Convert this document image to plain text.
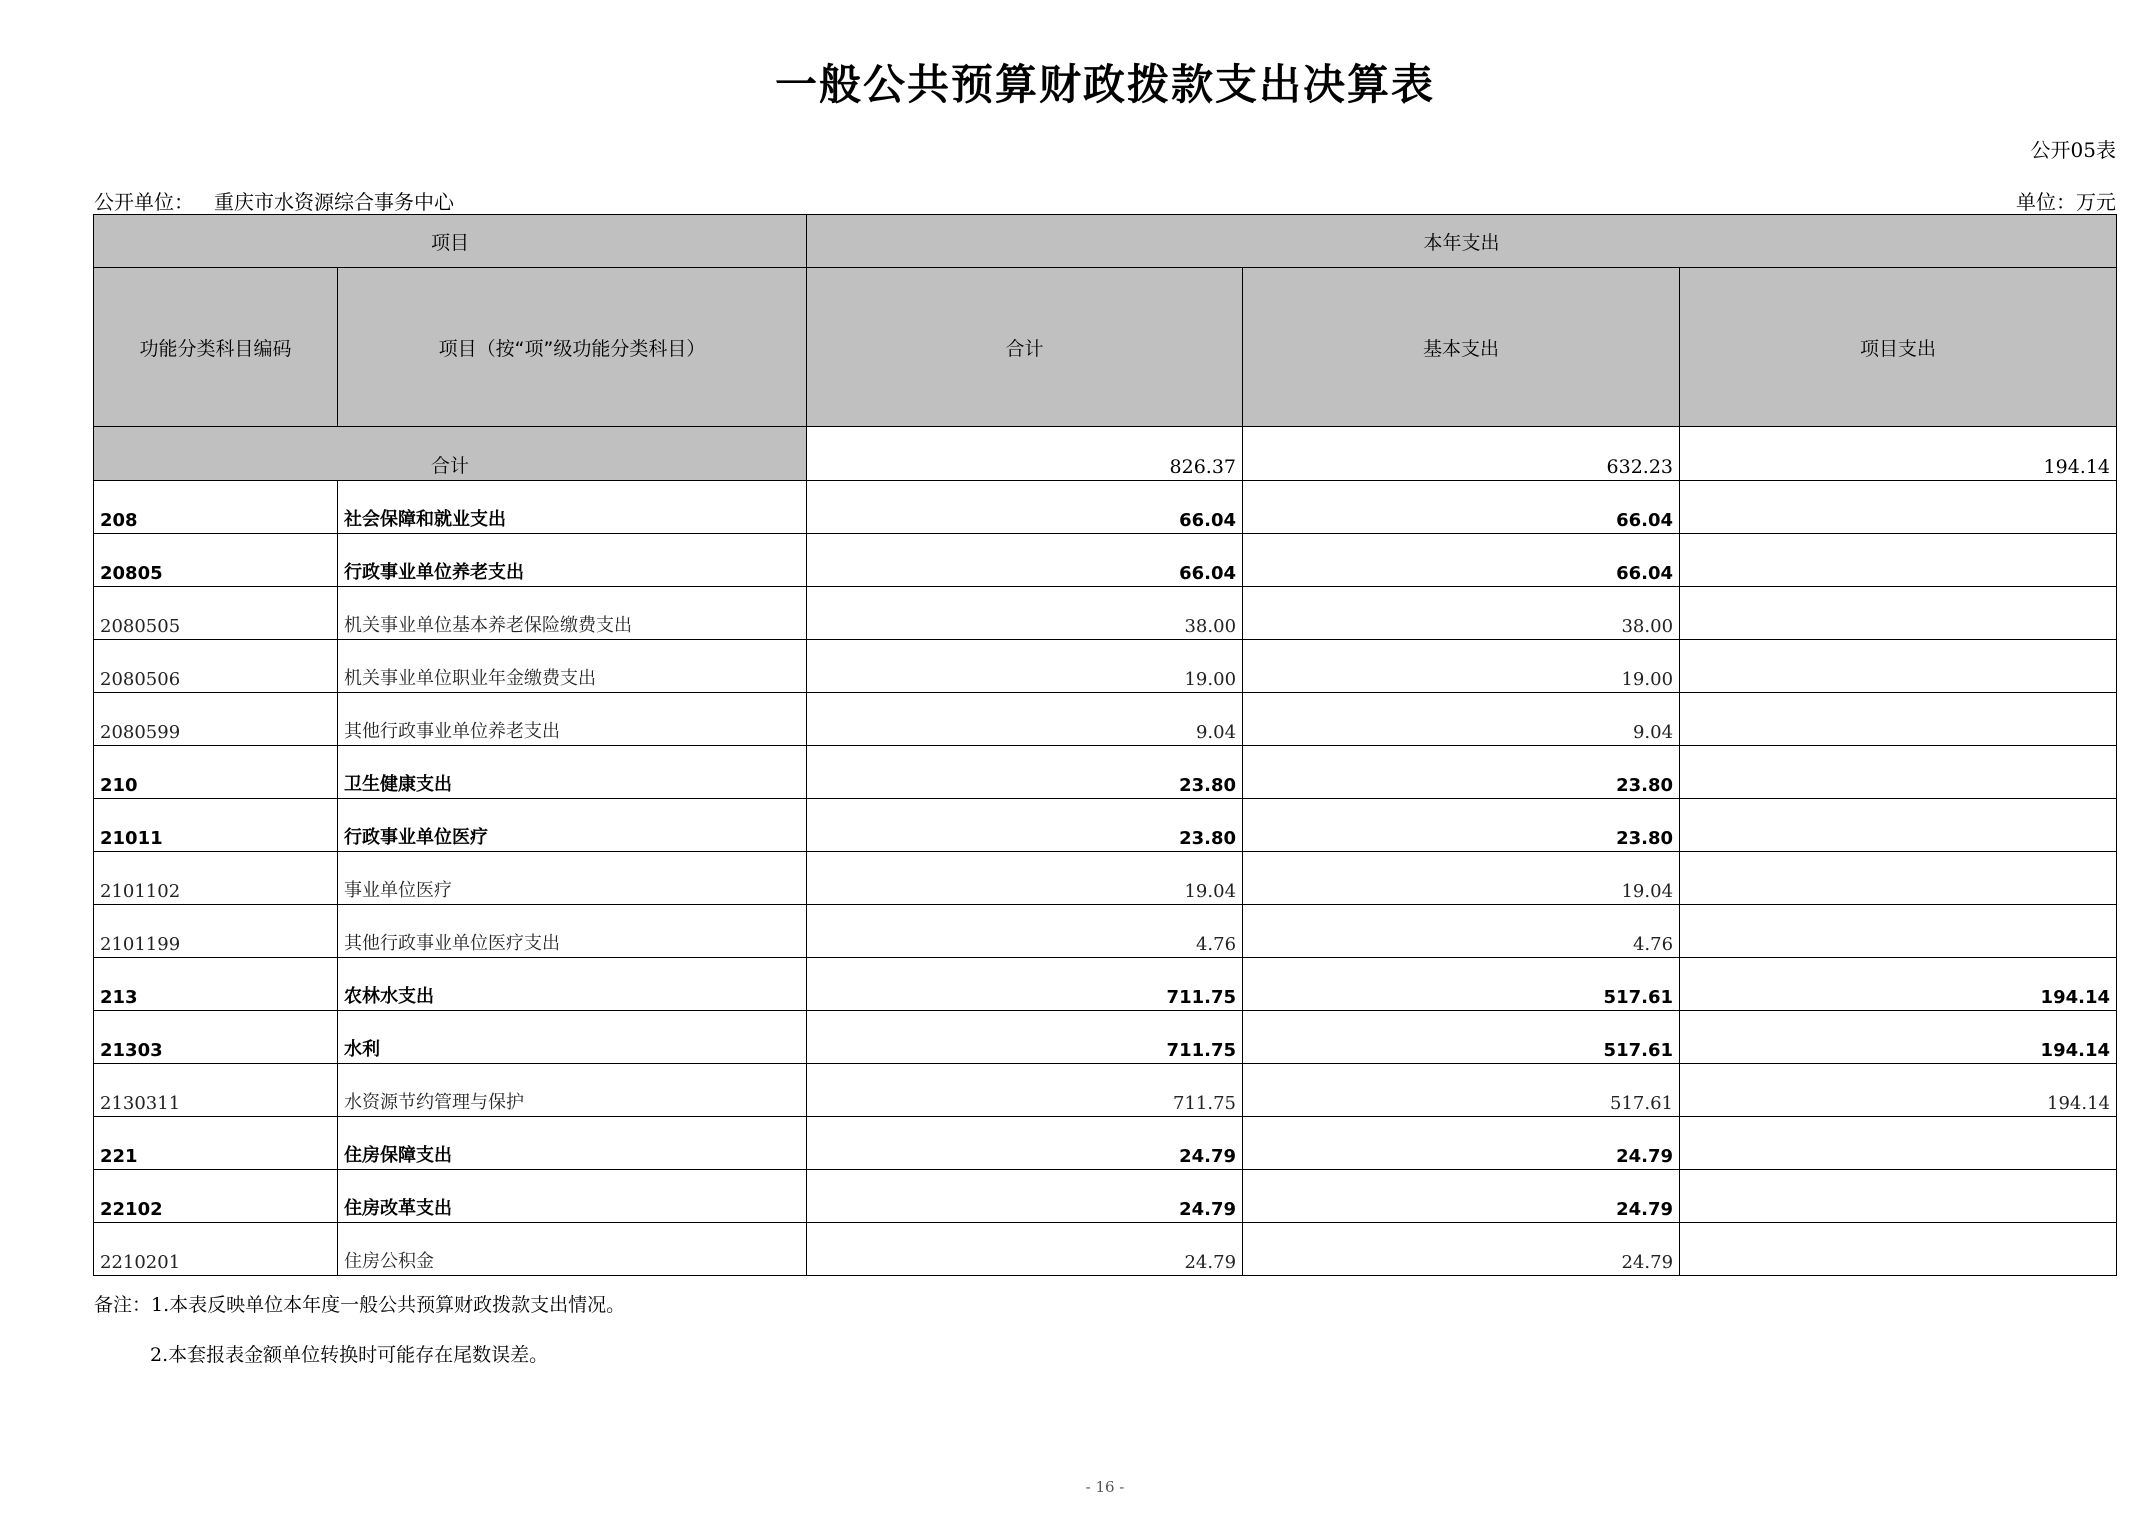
一般公共预算财政拨款支出决算表
公开05表
公开单位： 重庆市水资源综合事务中心	单位：万元
项目		本年支出		
功能分类科目编码	项目（按“项”级功能分类科目）	合计	基本支出	项目支出
合计		826.37	632.23	194.14
208	社会保障和就业支出	66.04	66.04	
20805	行政事业单位养老支出	66.04	66.04	
2080505	机关事业单位基本养老保险缴费支出	38.00	38.00	
2080506	机关事业单位职业年金缴费支出	19.00	19.00	
2080599	其他行政事业单位养老支出	9.04	9.04	
210	卫生健康支出	23.80	23.80	
21011	行政事业单位医疗	23.80	23.80	
2101102	事业单位医疗	19.04	19.04	
2101199	其他行政事业单位医疗支出	4.76	4.76	
213	农林水支出	711.75	517.61	194.14
21303	水利	711.75	517.61	194.14
2130311	水资源节约管理与保护	711.75	517.61	194.14
221	住房保障支出	24.79	24.79	
22102	住房改革支出	24.79	24.79	
2210201	住房公积金	24.79	24.79	
备注：1.本表反映单位本年度一般公共预算财政拨款支出情况。
2.本套报表金额单位转换时可能存在尾数误差。
- 16 -
